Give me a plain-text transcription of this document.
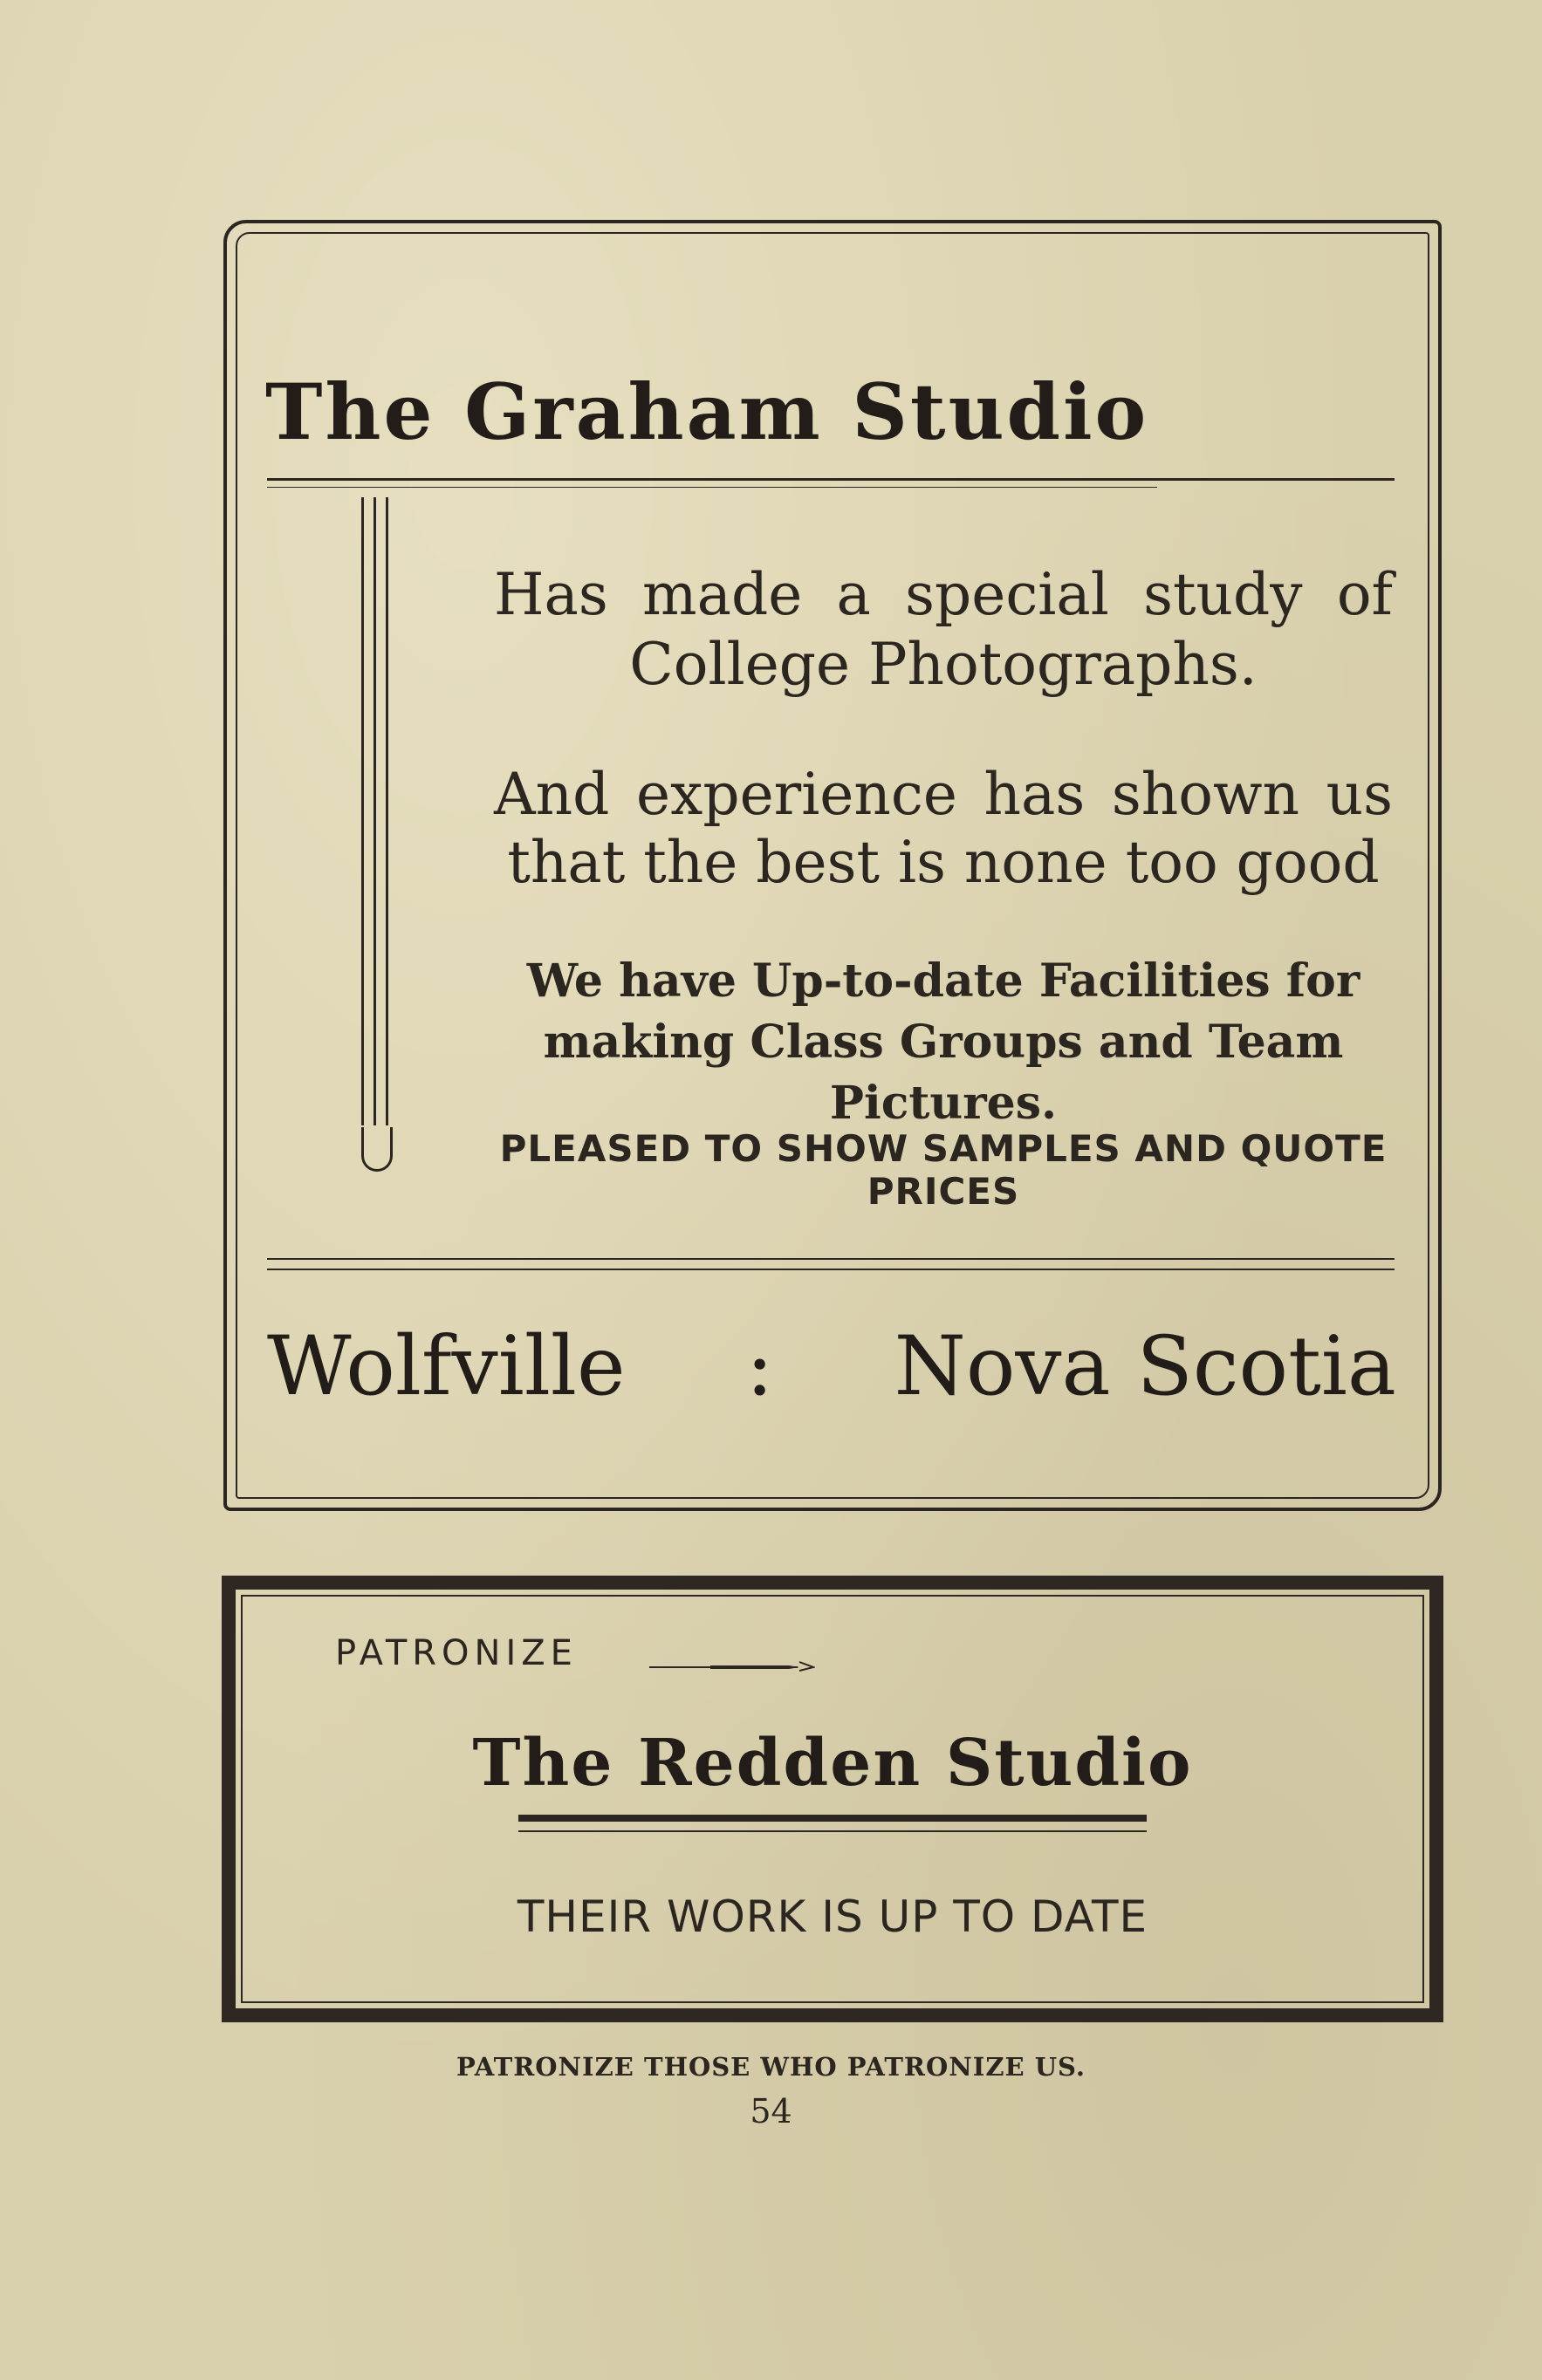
The Graham Studio
Has made a special study of College Photographs.
And experience has shown us that the best is none too good
We have Up-to-date Facilities for making Class Groups and Team Pictures.
PLEASED TO SHOW SAMPLES AND QUOTE PRICES
Wolfville : Nova Scotia
PATRONIZE
The Redden Studio
THEIR WORK IS UP TO DATE
PATRONIZE THOSE WHO PATRONIZE US.
54
